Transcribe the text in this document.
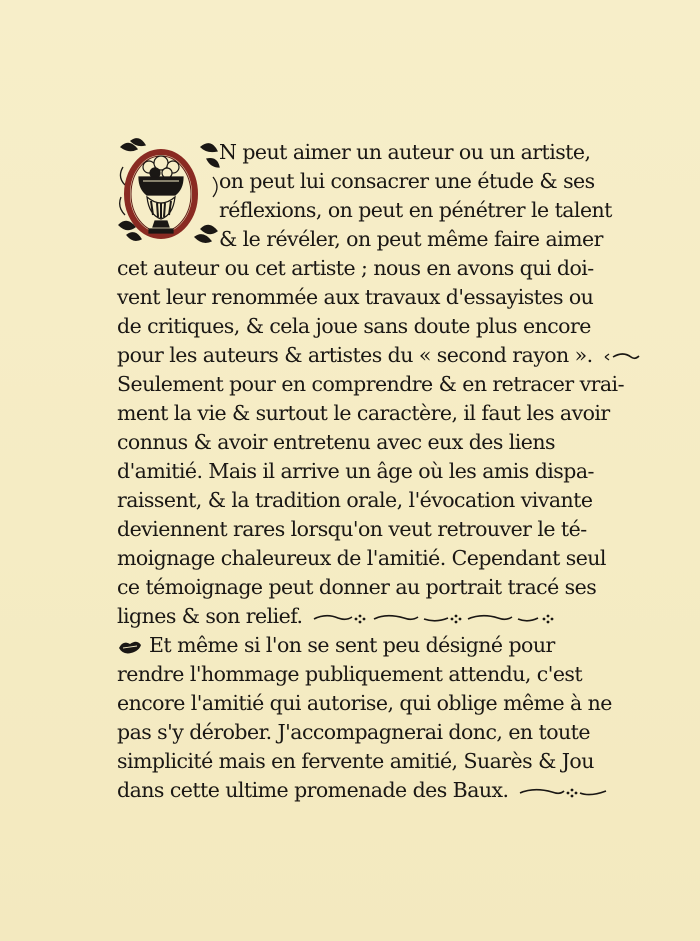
N peut aimer un auteur ou un artiste,
on peut lui consacrer une étude & ses
réflexions, on peut en pénétrer le talent
& le révéler, on peut même faire aimer
cet auteur ou cet artiste ; nous en avons qui doi-
vent leur renommée aux travaux d'essayistes ou
de critiques, & cela joue sans doute plus encore
pour les auteurs & artistes du « second rayon ».
Seulement pour en comprendre & en retracer vrai-
ment la vie & surtout le caractère, il faut les avoir
connus & avoir entretenu avec eux des liens
d'amitié. Mais il arrive un âge où les amis dispa-
raissent, & la tradition orale, l'évocation vivante
deviennent rares lorsqu'on veut retrouver le té-
moignage chaleureux de l'amitié. Cependant seul
ce témoignage peut donner au portrait tracé ses
lignes & son relief.
Et même si l'on se sent peu désigné pour
rendre l'hommage publiquement attendu, c'est
encore l'amitié qui autorise, qui oblige même à ne
pas s'y dérober. J'accompagnerai donc, en toute
simplicité mais en fervente amitié, Suarès & Jou
dans cette ultime promenade des Baux.
